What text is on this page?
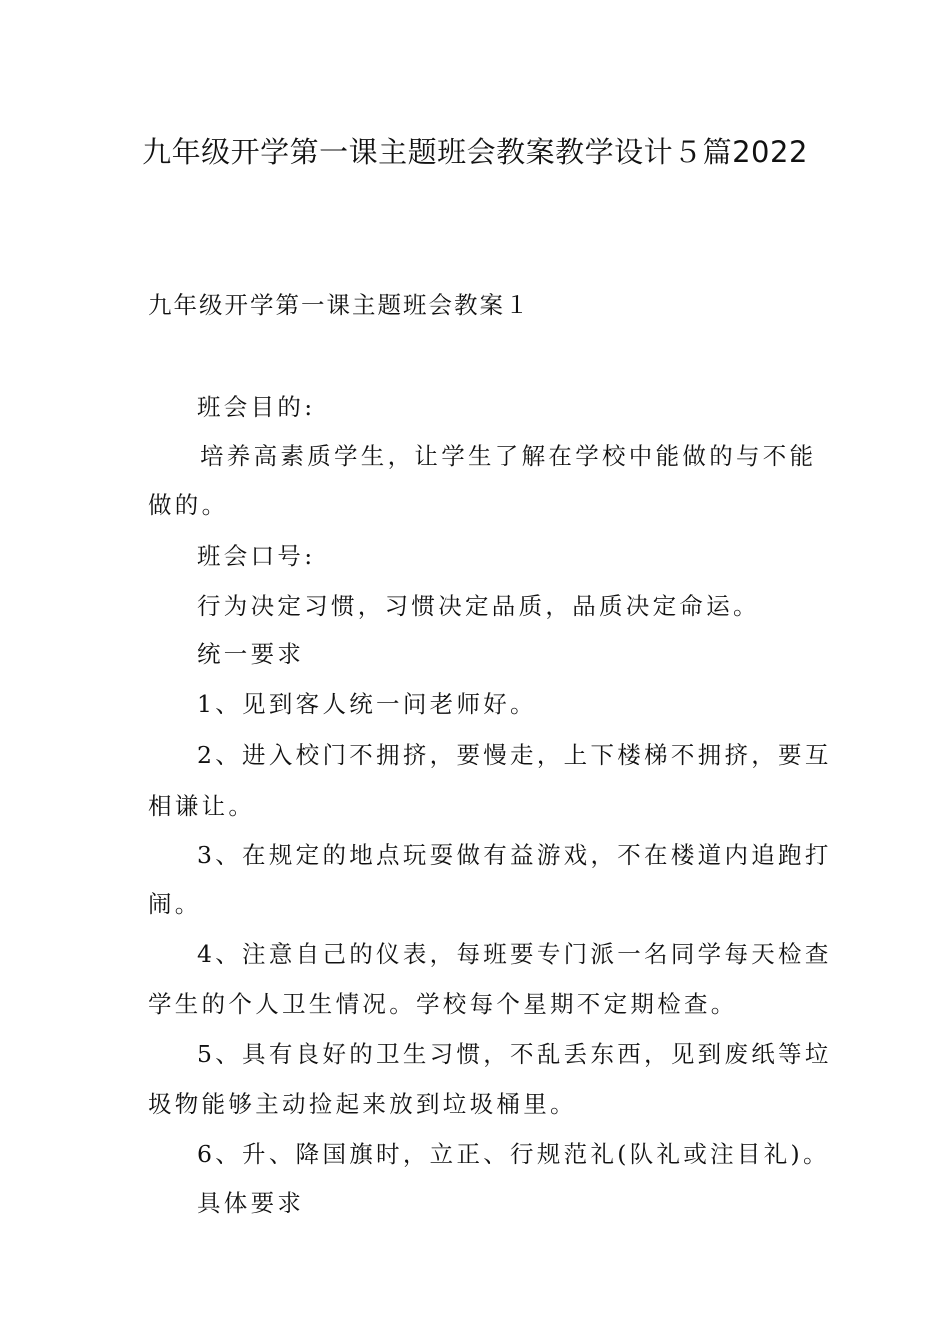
九年级开学第一课主题班会教案教学设计５篇2022

九年级开学第一课主题班会教案１

班会目的:

培养高素质学生，让学生了解在学校中能做的与不能

做的。

班会口号:

行为决定习惯，习惯决定品质，品质决定命运。

统一要求

1、见到客人统一问老师好。

2、进入校门不拥挤，要慢走，上下楼梯不拥挤，要互

相谦让。

3、在规定的地点玩耍做有益游戏，不在楼道内追跑打

闹。

4、注意自己的仪表，每班要专门派一名同学每天检查

学生的个人卫生情况。学校每个星期不定期检查。

5、具有良好的卫生习惯，不乱丢东西，见到废纸等垃

圾物能够主动捡起来放到垃圾桶里。

6、升、降国旗时，立正、行规范礼(队礼或注目礼)。

具体要求
